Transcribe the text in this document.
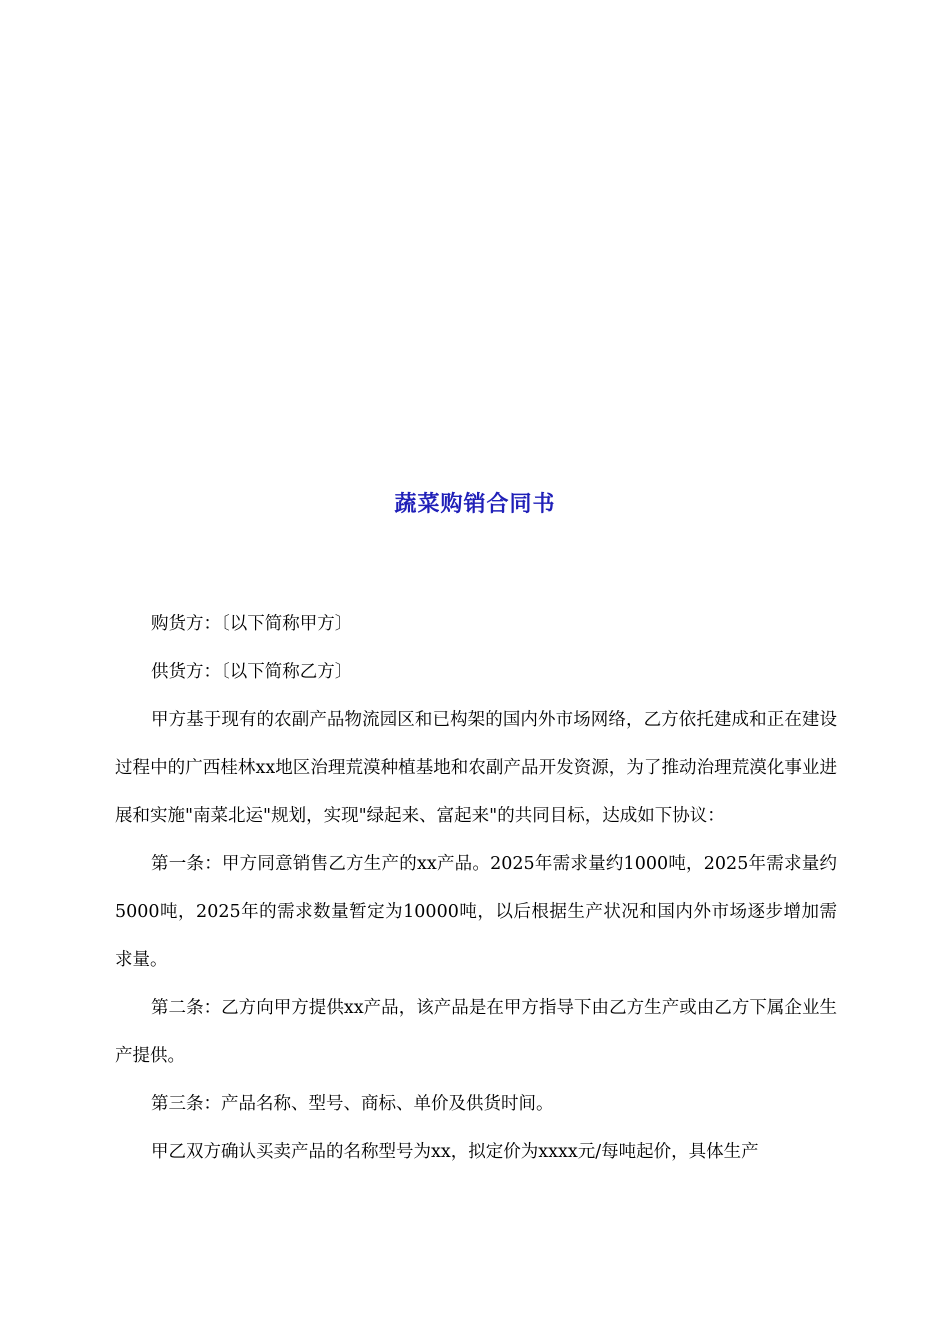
蔬菜购销合同书

购货方：〔以下简称甲方〕

供货方：〔以下简称乙方〕

甲方基于现有的农副产品物流园区和已构架的国内外市场网络，乙方依托建成和正在建设过程中的广西桂林xx地区治理荒漠种植基地和农副产品开发资源，为了推动治理荒漠化事业进展和实施"南菜北运"规划，实现"绿起来、富起来"的共同目标，达成如下协议：

第一条：甲方同意销售乙方生产的xx产品。2025年需求量约1000吨，2025年需求量约5000吨，2025年的需求数量暂定为10000吨，以后根据生产状况和国内外市场逐步增加需求量。

第二条：乙方向甲方提供xx产品，该产品是在甲方指导下由乙方生产或由乙方下属企业生产提供。

第三条：产品名称、型号、商标、单价及供货时间。

甲乙双方确认买卖产品的名称型号为xx，拟定价为xxxx元/每吨起价，具体生产
